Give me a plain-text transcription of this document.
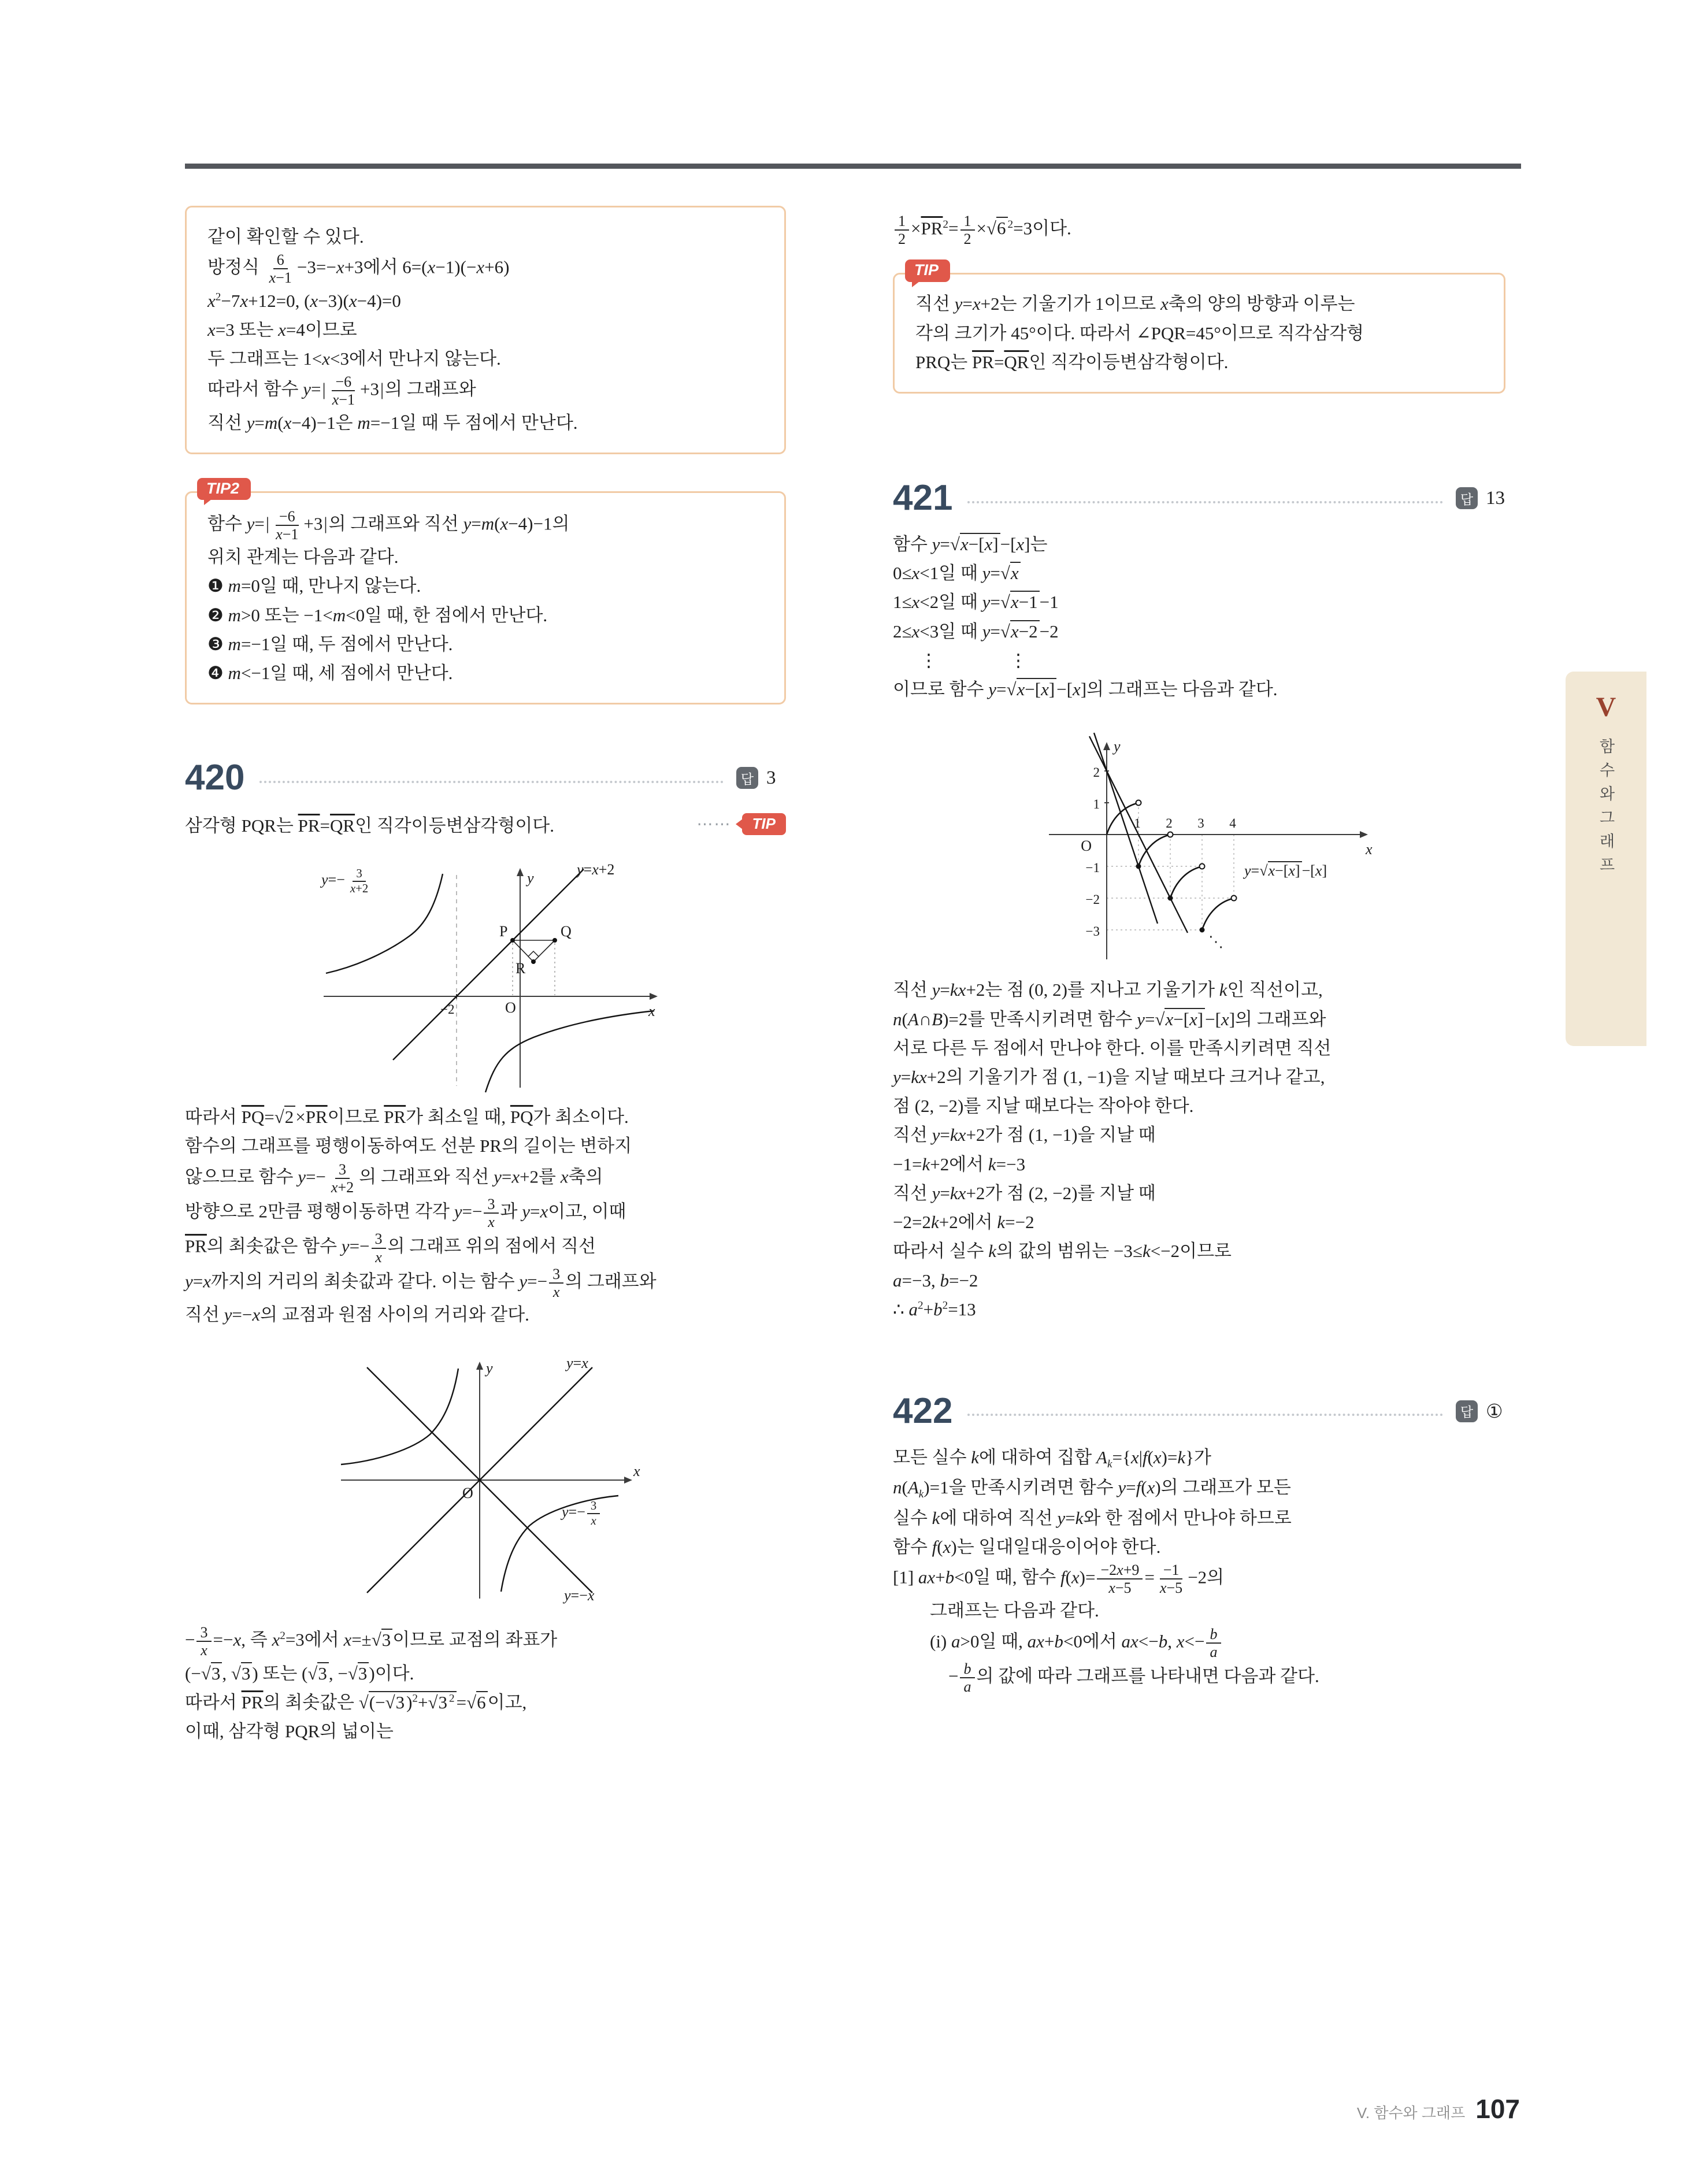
같이 확인할 수 있다.
방정식 $\frac{6}{x-1} -3=-x+3$에서 6=(x−1)(−x+6)
$x^2-7x+12=0$, (x−3)(x−4)=0
x=3 또는 x=4이므로
두 그래프는 1<x<3에서 만나지 않는다.
따라서 함수 $y=| \frac{-6}{x-1} +3|$의 그래프와
직선 y=m(x−4)−1은 m=−1일 때 두 점에서 만난다.
TIP2
함수 $y=| \frac{-6}{x-1} +3|$의 그래프와 직선 y=m(x−4)−1의
위치 관계는 다음과 같다.
❶ m=0일 때, 만나지 않는다.
❷ m>0 또는 −1<m<0일 때, 한 점에서 만난다.
❸ m=−1일 때, 두 점에서 만난다.
❹ m<−1일 때, 세 점에서 만난다.
420	답 3
삼각형 PQR는 $\overline{PR}=\overline{QR}$인 직각이등변삼각형이다.	⋯⋯	TIP
P	Q
R
O
−2	x
y
$y=- \frac{3}{x+2}$	y=x+2
따라서 $\overline{PQ}=√2\times\overline{PR}$이므로 $\overline{PR}$가 최소일 때, $\overline{PQ}$가 최소이다.
함수의 그래프를 평행이동하여도 선분 PR의 길이는 변하지
않으므로 함수 $y=- \frac{3}{x+2}$ 의 그래프와 직선 y=x+2를 x축의
방향으로 2만큼 평행이동하면 각각 $y=- \frac{3}{x}$ 과 y=x이고, 이때
$\overline{PR}$의 최솟값은 함수 $y=- \frac{3}{x}$ 의 그래프 위의 점에서 직선
y=x까지의 거리의 최솟값과 같다. 이는 함수 $y=- \frac{3}{x}$ 의 그래프와
직선 y=−x의 교점과 원점 사이의 거리와 같다.
O
x
y	y=x
$y=- \frac{3}{x}$
y=−x
− $\frac{3}{x} =-x$, 즉 $x^2=3$에서 x=±√3이므로 교점의 좌표가
(−√3, √3) 또는 (√3, −√3)이다.
따라서 $\overline{PR}$의 최솟값은 $√(-√3)^2+√3$ $^2$=√6이고,
이때, 삼각형 PQR의 넓이는
$\frac{1}{2} \times\overline{PR}^2= \frac{1}{2} \times√6$ $^2$=3이다.
TIP
직선 y=x+2는 기울기가 1이므로 x축의 양의 방향과 이루는
각의 크기가 45°이다. 따라서 ∠PQR=45°이므로 직각삼각형
PRQ는 $\overline{PR}=\overline{QR}$인 직각이등변삼각형이다.
421	답 13
함수 y=√x−[x]−[x]는
0≤x<1일 때 y=√x
1≤x<2일 때 y=√x−1−1
2≤x<3일 때 y=√x−2−2
  ⋮    ⋮
이므로 함수 y=√x−[x]−[x]의 그래프는 다음과 같다.
2
1
−1
−2
−3
1 2 3 4
O	x
y
⋱
y=√x−[x] −[x]
직선 y=kx+2는 점 (0, 2)를 지나고 기울기가 k인 직선이고,
n(A∩B)=2를 만족시키려면 함수 y=√x−[x]−[x]의 그래프와
서로 다른 두 점에서 만나야 한다. 이를 만족시키려면 직선
y=kx+2의 기울기가 점 (1, −1)을 지날 때보다 크거나 같고,
점 (2, −2)를 지날 때보다는 작아야 한다.
직선 y=kx+2가 점 (1, −1)을 지날 때
−1=k+2에서 k=−3
직선 y=kx+2가 점 (2, −2)를 지날 때
−2=2k+2에서 k=−2
따라서 실수 k의 값의 범위는 −3≤k<−2이므로
a=−3, b=−2
∴ $a^2+b^2=13$
422	답 ①
모든 실수 k에 대하여 집합 $A_k=\{x|f(x)=k\}$가
$n(A_k)=1$을 만족시키려면 함수 y=f(x)의 그래프가 모든
실수 k에 대하여 직선 y=k와 한 점에서 만나야 하므로
함수 f(x)는 일대일대응이어야 한다.
[1] ax+b<0일 때, 함수 $f(x)= \frac{-2x+9}{x-5} = \frac{-1}{x-5} -2$의
그래프는 다음과 같다.
(i) a>0일 때, ax+b<0에서 ax<−b, $x<- \frac{b}{a}$
− $\frac{b}{a}$ 의 값에 따라 그래프를 나타내면 다음과 같다.
V
함수와그래프
V. 함수와 그래프 107
